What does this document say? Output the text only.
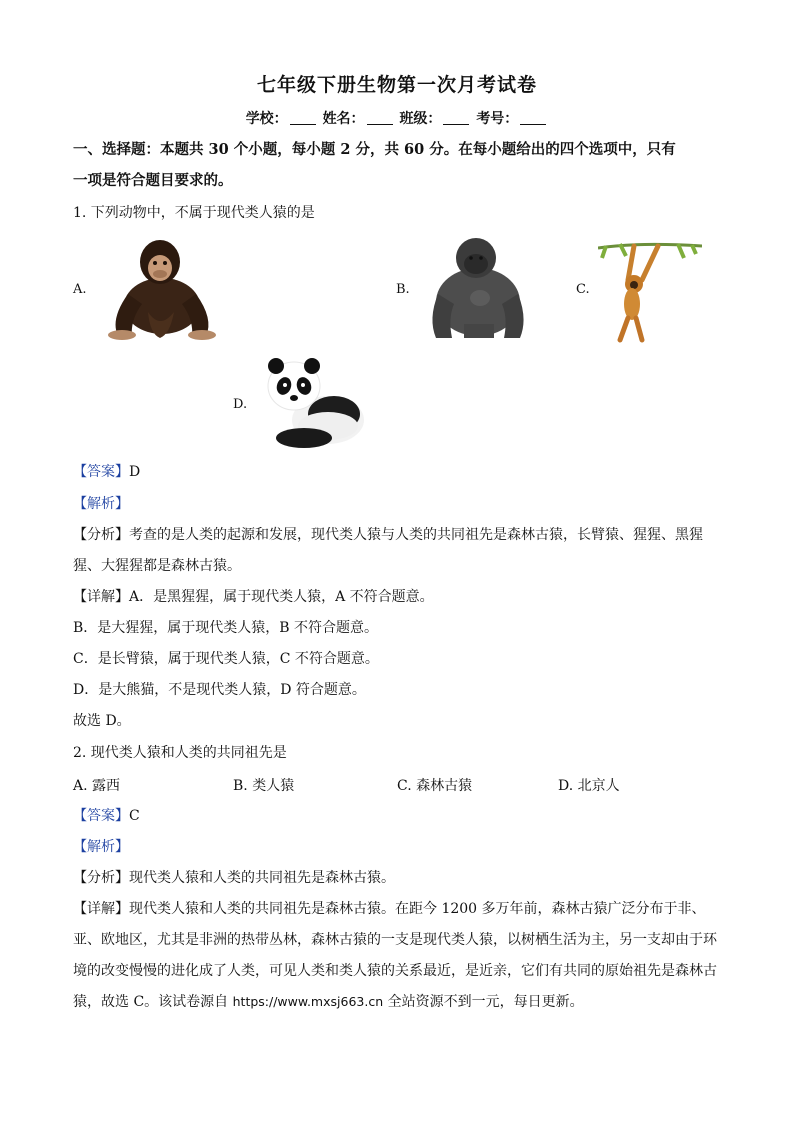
七年级下册生物第一次月考试卷
学校： 姓名： 班级： 考号：
一、选择题：本题共 30 个小题，每小题 2 分，共 60 分。在每小题给出的四个选项中，只有
一项是符合题目要求的。
1. 下列动物中，不属于现代类人猿的是
A.	B.	C.
D.
【答案】D
【解析】
【分析】考查的是人类的起源和发展，现代类人猿与人类的共同祖先是森林古猿，长臂猿、猩猩、黑猩
猩、大猩猩都是森林古猿。
【详解】A．是黑猩猩，属于现代类人猿，A 不符合题意。
B．是大猩猩，属于现代类人猿，B 不符合题意。
C．是长臂猿，属于现代类人猿，C 不符合题意。
D．是大熊猫，不是现代类人猿，D 符合题意。
故选 D。
2. 现代类人猿和人类的共同祖先是
A. 露西	B. 类人猿	C. 森林古猿	D. 北京人
【答案】C
【解析】
【分析】现代类人猿和人类的共同祖先是森林古猿。
【详解】现代类人猿和人类的共同祖先是森林古猿。在距今 1200 多万年前，森林古猿广泛分布于非、
亚、欧地区，尤其是非洲的热带丛林，森林古猿的一支是现代类人猿，以树栖生活为主，另一支却由于环
境的改变慢慢的进化成了人类，可见人类和类人猿的关系最近，是近亲，它们有共同的原始祖先是森林古
猿，故选 C。该试卷源自 https://www.mxsj663.cn 全站资源不到一元，每日更新。
